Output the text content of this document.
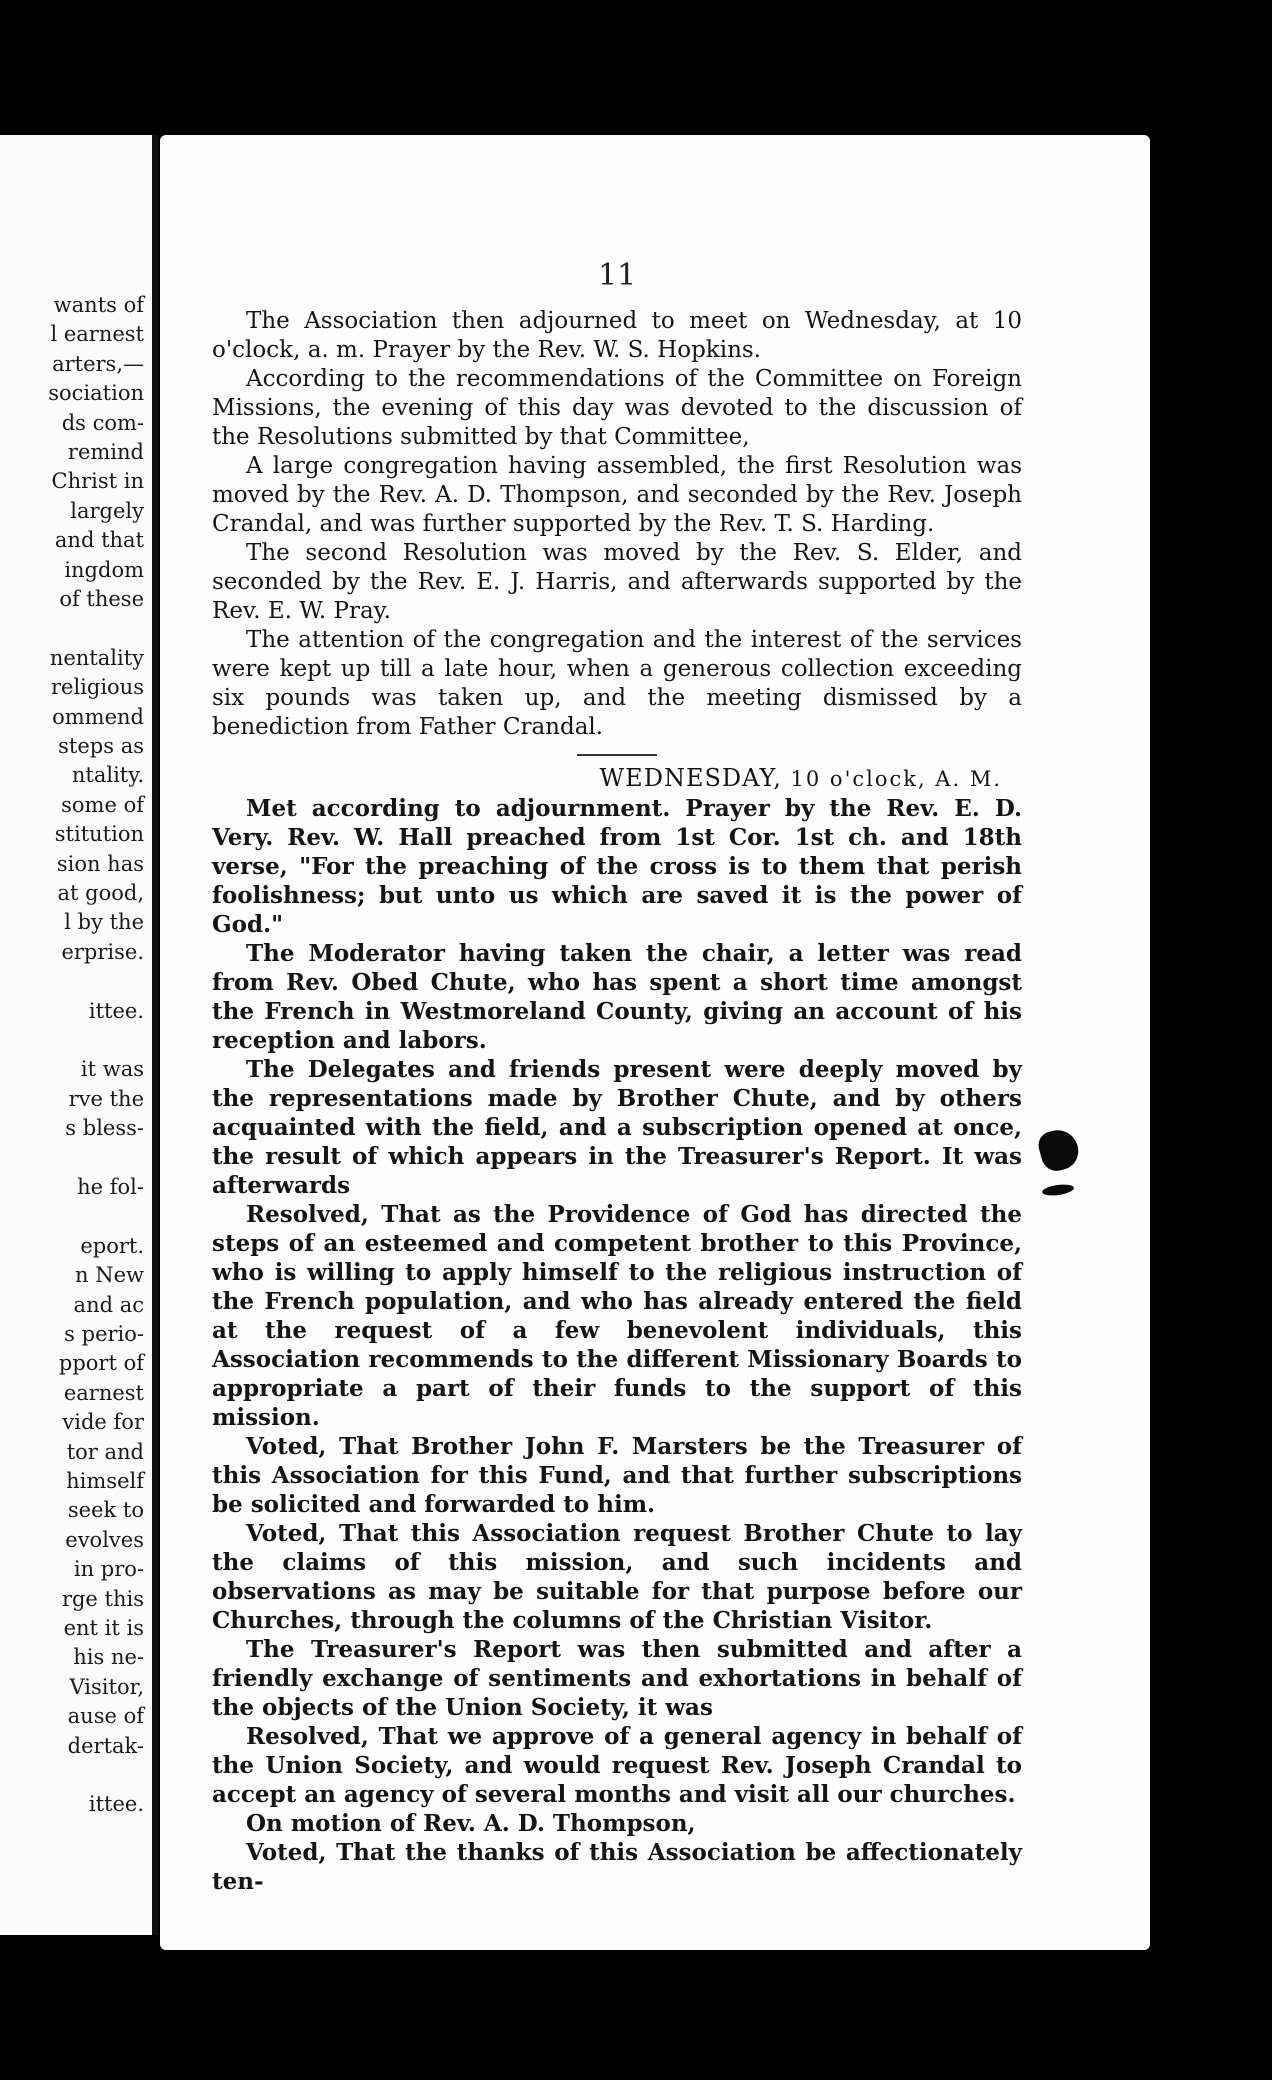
wants of
l earnest
arters,—
sociation
ds com-
remind
Christ in
largely
and that
ingdom
of these
nentality
religious
ommend
steps as
ntality.
some of
stitution
sion has
at good,
l by the
erprise.
ittee.
it was
rve the
s bless-
he fol-
eport.
n New
and ac
s perio-
pport of
earnest
vide for
tor and
himself
seek to
evolves
in pro-
rge this
ent it is
his ne-
Visitor,
ause of
dertak-
ittee.
11

The Association then adjourned to meet on Wednesday, at 10 o'clock, a. m. Prayer by the Rev. W. S. Hopkins.

According to the recommendations of the Committee on Foreign Missions, the evening of this day was devoted to the discussion of the Resolutions submitted by that Committee,

A large congregation having assembled, the first Resolution was moved by the Rev. A. D. Thompson, and seconded by the Rev. Joseph Crandal, and was further supported by the Rev. T. S. Harding.

The second Resolution was moved by the Rev. S. Elder, and seconded by the Rev. E. J. Harris, and afterwards supported by the Rev. E. W. Pray.

The attention of the congregation and the interest of the services were kept up till a late hour, when a generous collection exceeding six pounds was taken up, and the meeting dismissed by a benediction from Father Crandal.

WEDNESDAY, 10 o'clock, A. M.

Met according to adjournment. Prayer by the Rev. E. D. Very. Rev. W. Hall preached from 1st Cor. 1st ch. and 18th verse, "For the preaching of the cross is to them that perish foolishness; but unto us which are saved it is the power of God."

The Moderator having taken the chair, a letter was read from Rev. Obed Chute, who has spent a short time amongst the French in Westmoreland County, giving an account of his reception and labors.

The Delegates and friends present were deeply moved by the representations made by Brother Chute, and by others acquainted with the field, and a subscription opened at once, the result of which appears in the Treasurer's Report. It was afterwards

Resolved, That as the Providence of God has directed the steps of an esteemed and competent brother to this Province, who is willing to apply himself to the religious instruction of the French population, and who has already entered the field at the request of a few benevolent individuals, this Association recommends to the different Missionary Boards to appropriate a part of their funds to the support of this mission.

Voted, That Brother John F. Marsters be the Treasurer of this Association for this Fund, and that further subscriptions be solicited and forwarded to him.

Voted, That this Association request Brother Chute to lay the claims of this mission, and such incidents and observations as may be suitable for that purpose before our Churches, through the columns of the Christian Visitor.

The Treasurer's Report was then submitted and after a friendly exchange of sentiments and exhortations in behalf of the objects of the Union Society, it was

Resolved, That we approve of a general agency in behalf of the Union Society, and would request Rev. Joseph Crandal to accept an agency of several months and visit all our churches.

On motion of Rev. A. D. Thompson,

Voted, That the thanks of this Association be affectionately ten-
